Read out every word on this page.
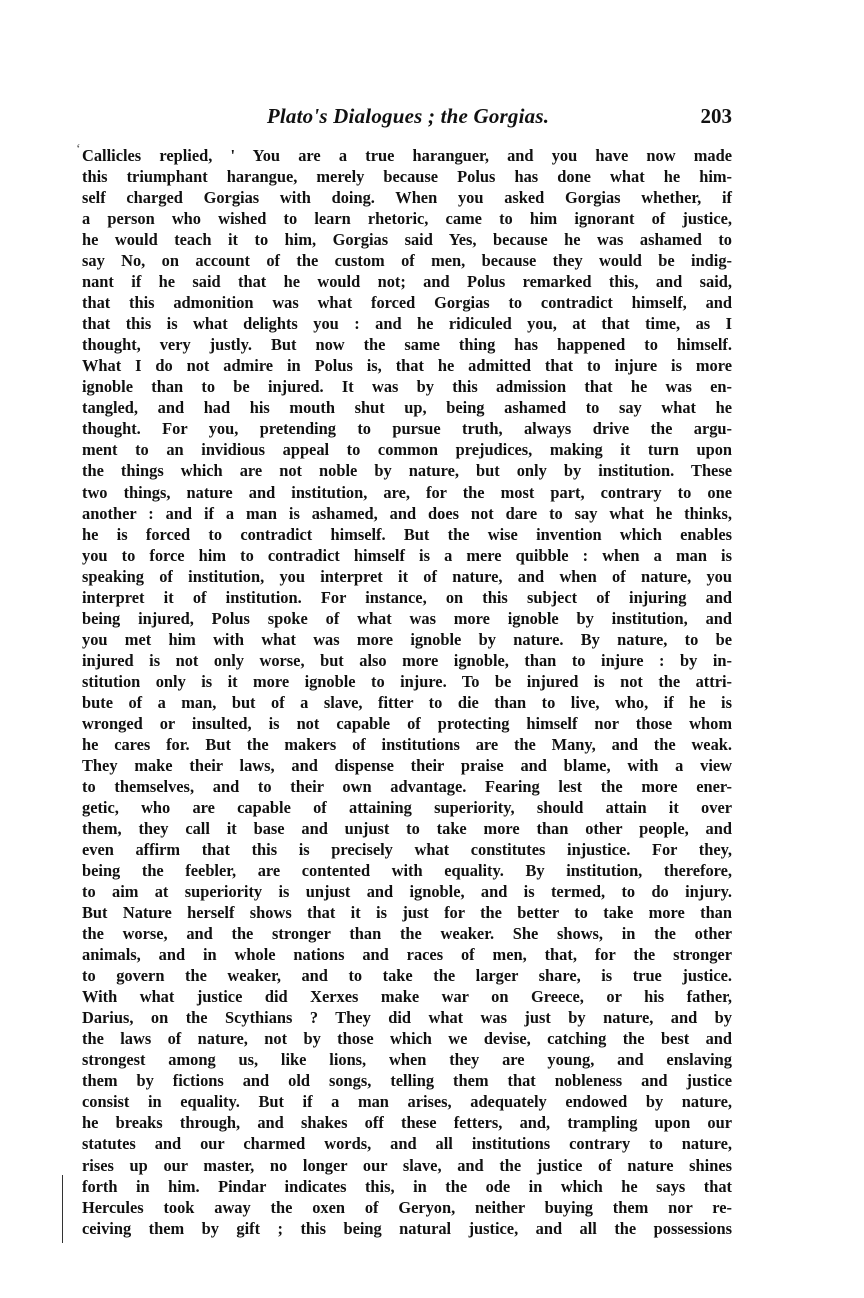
ʻ
Plato's Dialogues ; the Gorgias.	203
Callicles replied, ' You are a true haranguer, and you have now made
this triumphant harangue, merely because Polus has done what he him-
self charged Gorgias with doing. When you asked Gorgias whether, if
a person who wished to learn rhetoric, came to him ignorant of justice,
he would teach it to him, Gorgias said Yes, because he was ashamed to
say No, on account of the custom of men, because they would be indig-
nant if he said that he would not; and Polus remarked this, and said,
that this admonition was what forced Gorgias to contradict himself, and
that this is what delights you : and he ridiculed you, at that time, as I
thought, very justly. But now the same thing has happened to himself.
What I do not admire in Polus is, that he admitted that to injure is more
ignoble than to be injured. It was by this admission that he was en-
tangled, and had his mouth shut up, being ashamed to say what he
thought. For you, pretending to pursue truth, always drive the argu-
ment to an invidious appeal to common prejudices, making it turn upon
the things which are not noble by nature, but only by institution. These
two things, nature and institution, are, for the most part, contrary to one
another : and if a man is ashamed, and does not dare to say what he thinks,
he is forced to contradict himself. But the wise invention which enables
you to force him to contradict himself is a mere quibble : when a man is
speaking of institution, you interpret it of nature, and when of nature, you
interpret it of institution. For instance, on this subject of injuring and
being injured, Polus spoke of what was more ignoble by institution, and
you met him with what was more ignoble by nature. By nature, to be
injured is not only worse, but also more ignoble, than to injure : by in-
stitution only is it more ignoble to injure. To be injured is not the attri-
bute of a man, but of a slave, fitter to die than to live, who, if he is
wronged or insulted, is not capable of protecting himself nor those whom
he cares for. But the makers of institutions are the Many, and the weak.
They make their laws, and dispense their praise and blame, with a view
to themselves, and to their own advantage. Fearing lest the more ener-
getic, who are capable of attaining superiority, should attain it over
them, they call it base and unjust to take more than other people, and
even affirm that this is precisely what constitutes injustice. For they,
being the feebler, are contented with equality. By institution, therefore,
to aim at superiority is unjust and ignoble, and is termed, to do injury.
But Nature herself shows that it is just for the better to take more than
the worse, and the stronger than the weaker. She shows, in the other
animals, and in whole nations and races of men, that, for the stronger
to govern the weaker, and to take the larger share, is true justice.
With what justice did Xerxes make war on Greece, or his father,
Darius, on the Scythians ? They did what was just by nature, and by
the laws of nature, not by those which we devise, catching the best and
strongest among us, like lions, when they are young, and enslaving
them by fictions and old songs, telling them that nobleness and justice
consist in equality. But if a man arises, adequately endowed by nature,
he breaks through, and shakes off these fetters, and, trampling upon our
statutes and our charmed words, and all institutions contrary to nature,
rises up our master, no longer our slave, and the justice of nature shines
forth in him. Pindar indicates this, in the ode in which he says that
Hercules took away the oxen of Geryon, neither buying them nor re-
ceiving them by gift ; this being natural justice, and all the possessions
